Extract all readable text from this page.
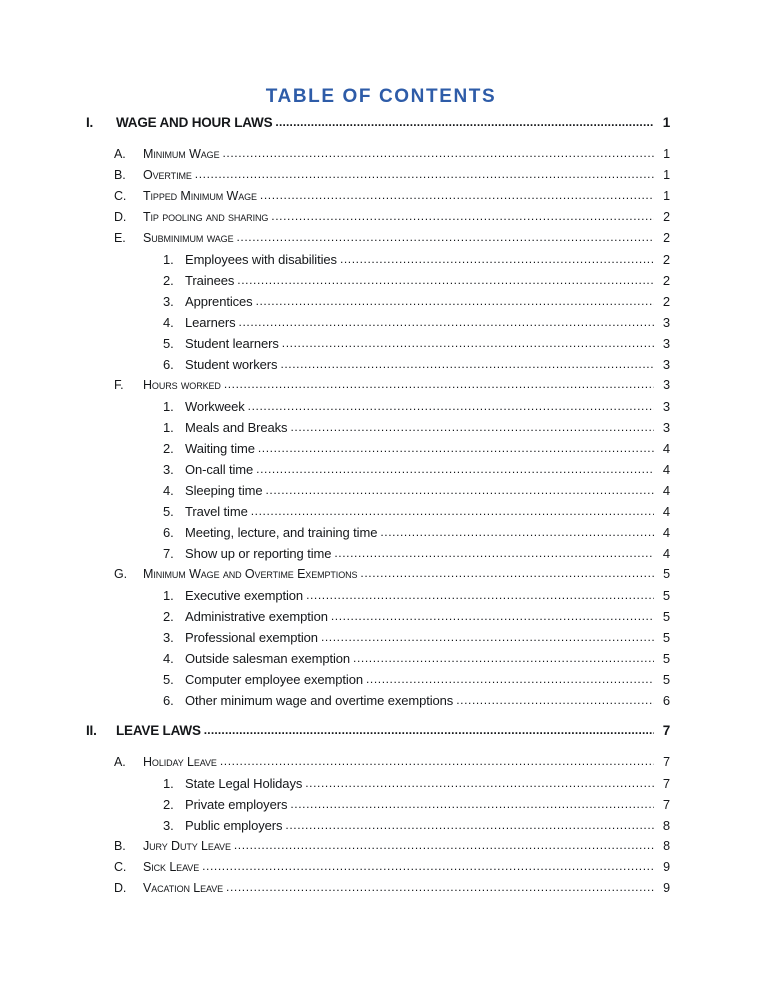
TABLE OF CONTENTS
I.	WAGE AND HOUR LAWS .....	1
A.	Minimum Wage .....	1
B.	Overtime .....	1
C.	Tipped Minimum Wage .....	1
D.	Tip pooling and sharing .....	2
E.	Subminimum wage .....	2
1. Employees with disabilities .....	2
2. Trainees .....	2
3. Apprentices .....	2
4. Learners .....	3
5. Student learners .....	3
6. Student workers .....	3
F.	Hours worked .....	3
1. Workweek .....	3
1. Meals and Breaks .....	3
2. Waiting time .....	4
3. On-call time .....	4
4. Sleeping time .....	4
5. Travel time .....	4
6. Meeting, lecture, and training time .....	4
7. Show up or reporting time .....	4
G.	Minimum Wage and Overtime Exemptions .....	5
1. Executive exemption .....	5
2. Administrative exemption .....	5
3. Professional exemption .....	5
4. Outside salesman exemption .....	5
5. Computer employee exemption .....	5
6. Other minimum wage and overtime exemptions .....	6
II.	LEAVE LAWS .....	7
A.	Holiday Leave .....	7
1. State Legal Holidays .....	7
2. Private employers .....	7
3. Public employers .....	8
B.	Jury Duty Leave .....	8
C.	Sick Leave .....	9
D.	Vacation Leave .....	9
